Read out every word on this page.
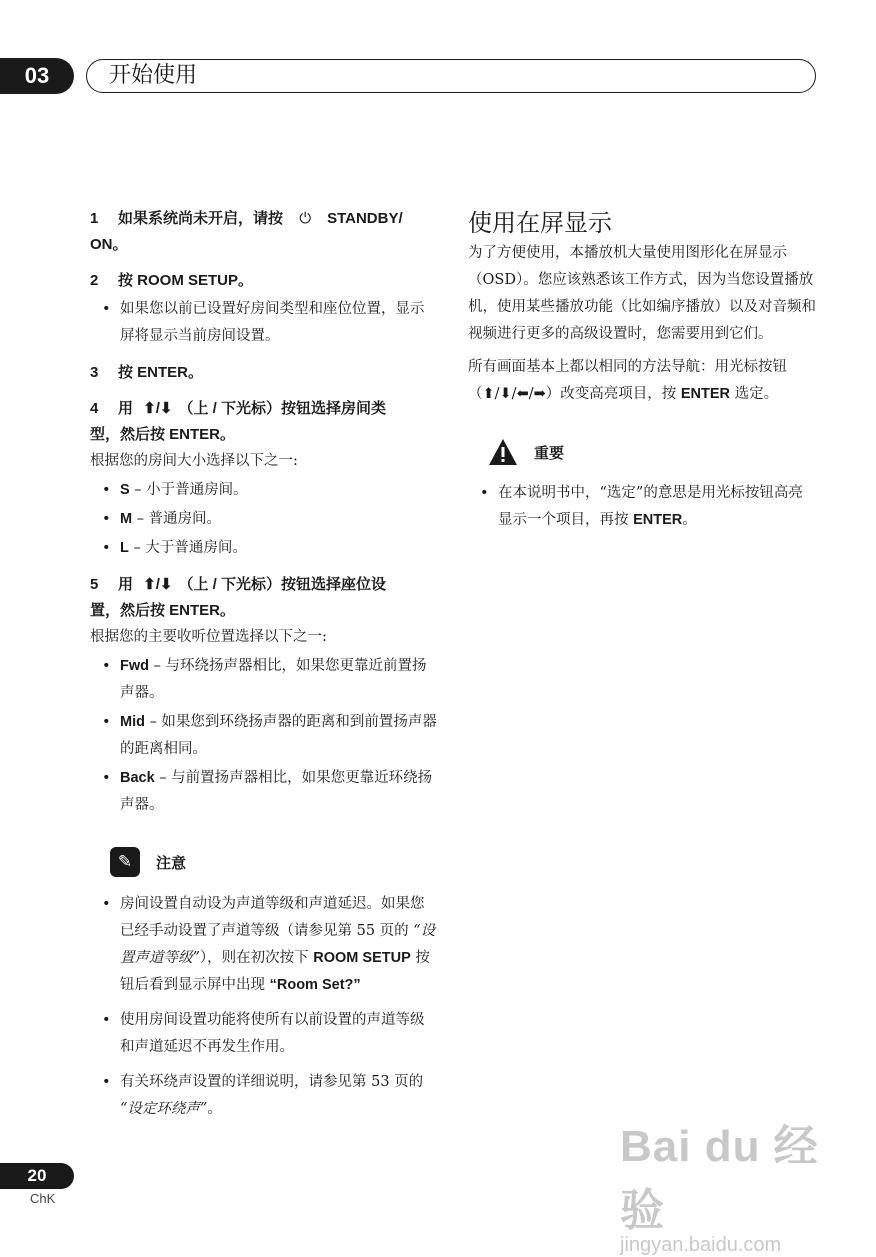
03	开始使用
1 如果系统尚未开启，请按 ⏻ STANDBY/
ON。
2 按 ROOM SETUP。
• 如果您以前已设置好房间类型和座位位置，显示屏将显示当前房间设置。
3 按 ENTER。
4 用 ⬆/⬇ （上 / 下光标）按钮选择房间类
型，然后按 ENTER。
根据您的房间大小选择以下之一:
• S – 小于普通房间。
• M – 普通房间。
• L – 大于普通房间。
5 用 ⬆/⬇ （上 / 下光标）按钮选择座位设
置，然后按 ENTER。
根据您的主要收听位置选择以下之一:
• Fwd – 与环绕扬声器相比，如果您更靠近前置扬声器。
• Mid – 如果您到环绕扬声器的距离和到前置扬声器的距离相同。
• Back – 与前置扬声器相比，如果您更靠近环绕扬声器。
✎	注意
• 房间设置自动设为声道等级和声道延迟。如果您已经手动设置了声道等级（请参见第 55 页的 “设置声道等级”），则在初次按下 ROOM SETUP 按钮后看到显示屏中出现 “Room Set?”
• 使用房间设置功能将使所有以前设置的声道等级和声道延迟不再发生作用。
• 有关环绕声设置的详细说明，请参见第 53 页的 “设定环绕声”。
使用在屏显示
为了方便使用，本播放机大量使用图形化在屏显示（OSD）。您应该熟悉该工作方式，因为当您设置播放机，使用某些播放功能（比如编序播放）以及对音频和视频进行更多的高级设置时，您需要用到它们。
所有画面基本上都以相同的方法导航：用光标按钮（⬆/⬇/⬅/➡）改变高亮项目，按 ENTER 选定。
重要
• 在本说明书中，“选定”的意思是用光标按钮高亮显示一个项目，再按 ENTER。
20
ChK
Bai du 经验
jingyan.baidu.com
